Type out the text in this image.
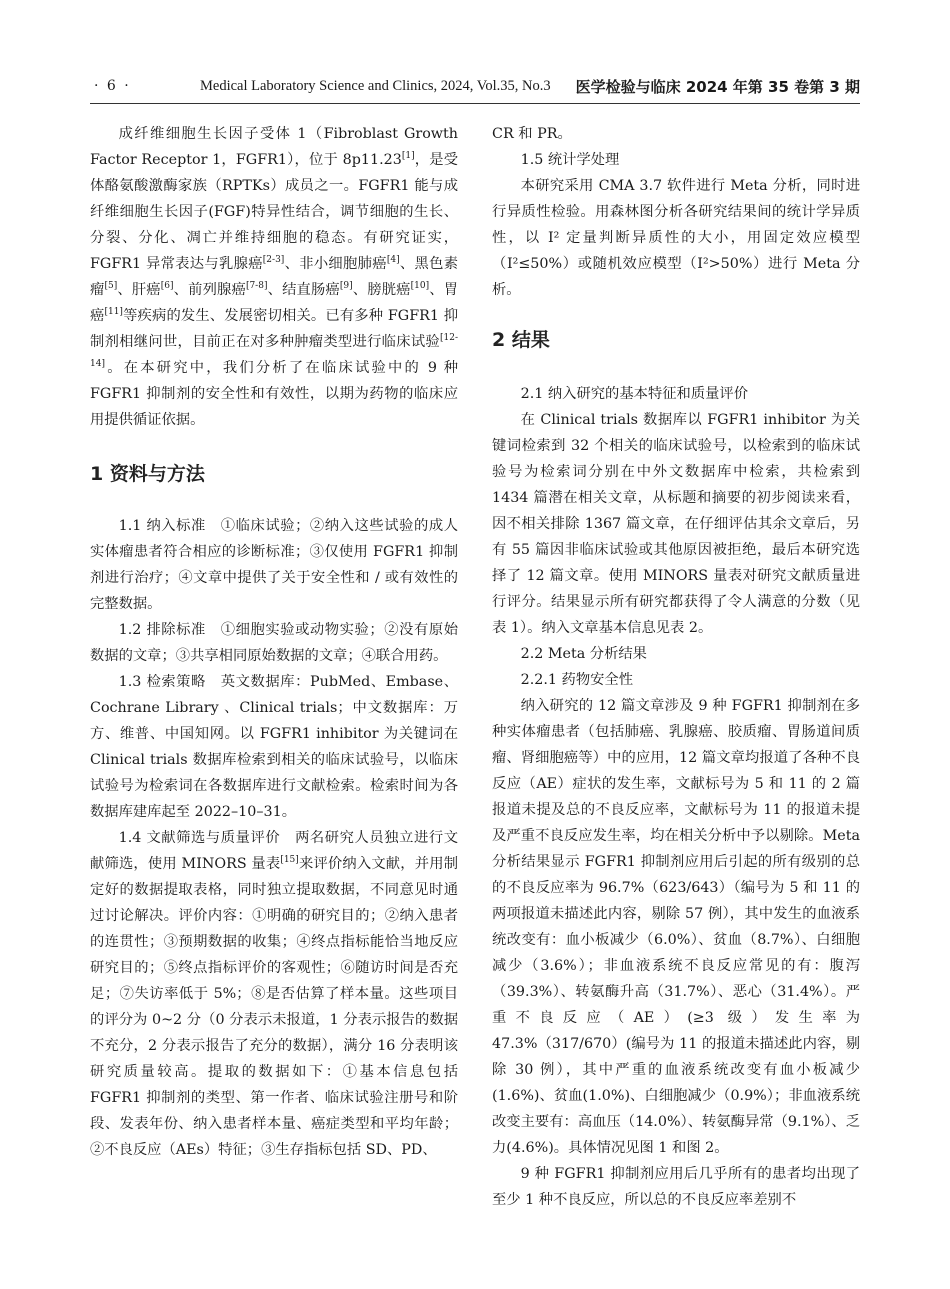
· 6 ·	Medical Laboratory Science and Clinics, 2024, Vol.35, No.3 医学检验与临床 2024 年第 35 卷第 3 期

成纤维细胞生长因子受体 1（Fibroblast Growth Factor Receptor 1，FGFR1），位于 8p11.23[1]，是受体酪氨酸激酶家族（RPTKs）成员之一。FGFR1 能与成纤维细胞生长因子(FGF)特异性结合，调节细胞的生长、分裂、分化、凋亡并维持细胞的稳态。有研究证实，FGFR1 异常表达与乳腺癌[2-3]、非小细胞肺癌[4]、黑色素瘤[5]、肝癌[6]、前列腺癌[7-8]、结直肠癌[9]、膀胱癌[10]、胃癌[11]等疾病的发生、发展密切相关。已有多种 FGFR1 抑制剂相继问世，目前正在对多种肿瘤类型进行临床试验[12-14]。在本研究中，我们分析了在临床试验中的 9 种 FGFR1 抑制剂的安全性和有效性，以期为药物的临床应用提供循证依据。

1 资料与方法

1.1 纳入标准　①临床试验；②纳入这些试验的成人实体瘤患者符合相应的诊断标准；③仅使用 FGFR1 抑制剂进行治疗；④文章中提供了关于安全性和 / 或有效性的完整数据。

1.2 排除标准　①细胞实验或动物实验；②没有原始数据的文章；③共享相同原始数据的文章；④联合用药。

1.3 检索策略　英文数据库：PubMed、Embase、Cochrane Library 、Clinical trials；中文数据库：万方、维普、中国知网。以 FGFR1 inhibitor 为关键词在 Clinical trials 数据库检索到相关的临床试验号，以临床试验号为检索词在各数据库进行文献检索。检索时间为各数据库建库起至 2022–10–31。

1.4 文献筛选与质量评价　两名研究人员独立进行文献筛选，使用 MINORS 量表[15]来评价纳入文献，并用制定好的数据提取表格，同时独立提取数据，不同意见时通过讨论解决。评价内容：①明确的研究目的；②纳入患者的连贯性；③预期数据的收集；④终点指标能恰当地反应研究目的；⑤终点指标评价的客观性；⑥随访时间是否充足；⑦失访率低于 5%；⑧是否估算了样本量。这些项目的评分为 0~2 分（0 分表示未报道，1 分表示报告的数据不充分，2 分表示报告了充分的数据），满分 16 分表明该研究质量较高。提取的数据如下：①基本信息包括 FGFR1 抑制剂的类型、第一作者、临床试验注册号和阶段、发表年份、纳入患者样本量、癌症类型和平均年龄；②不良反应（AEs）特征；③生存指标包括 SD、PD、

CR 和 PR。

1.5 统计学处理

本研究采用 CMA 3.7 软件进行 Meta 分析，同时进行异质性检验。用森林图分析各研究结果间的统计学异质性，以 I² 定量判断异质性的大小，用固定效应模型（I²≤50%）或随机效应模型（I²>50%）进行 Meta 分析。

2 结果

2.1 纳入研究的基本特征和质量评价

在 Clinical trials 数据库以 FGFR1 inhibitor 为关键词检索到 32 个相关的临床试验号，以检索到的临床试验号为检索词分别在中外文数据库中检索，共检索到 1434 篇潜在相关文章，从标题和摘要的初步阅读来看，因不相关排除 1367 篇文章，在仔细评估其余文章后，另有 55 篇因非临床试验或其他原因被拒绝，最后本研究选择了 12 篇文章。使用 MINORS 量表对研究文献质量进行评分。结果显示所有研究都获得了令人满意的分数（见表 1）。纳入文章基本信息见表 2。

2.2 Meta 分析结果

2.2.1 药物安全性

纳入研究的 12 篇文章涉及 9 种 FGFR1 抑制剂在多种实体瘤患者（包括肺癌、乳腺癌、胶质瘤、胃肠道间质瘤、肾细胞癌等）中的应用，12 篇文章均报道了各种不良反应（AE）症状的发生率，文献标号为 5 和 11 的 2 篇报道未提及总的不良反应率，文献标号为 11 的报道未提及严重不良反应发生率，均在相关分析中予以剔除。Meta 分析结果显示 FGFR1 抑制剂应用后引起的所有级别的总的不良反应率为 96.7%（623/643）（编号为 5 和 11 的两项报道未描述此内容，剔除 57 例），其中发生的血液系统改变有：血小板减少（6.0%）、贫血（8.7%）、白细胞减少（3.6%）；非血液系统不良反应常见的有：腹泻（39.3%）、转氨酶升高（31.7%）、恶心（31.4%）。严重不良反应（AE）(≥3 级）发生率为 47.3%（317/670）(编号为 11 的报道未描述此内容，剔除 30 例），其中严重的血液系统改变有血小板减少(1.6%)、贫血(1.0%)、白细胞减少（0.9%）；非血液系统改变主要有：高血压（14.0%）、转氨酶异常（9.1%）、乏力(4.6%)。具体情况见图 1 和图 2。

9 种 FGFR1 抑制剂应用后几乎所有的患者均出现了至少 1 种不良反应，所以总的不良反应率差别不
